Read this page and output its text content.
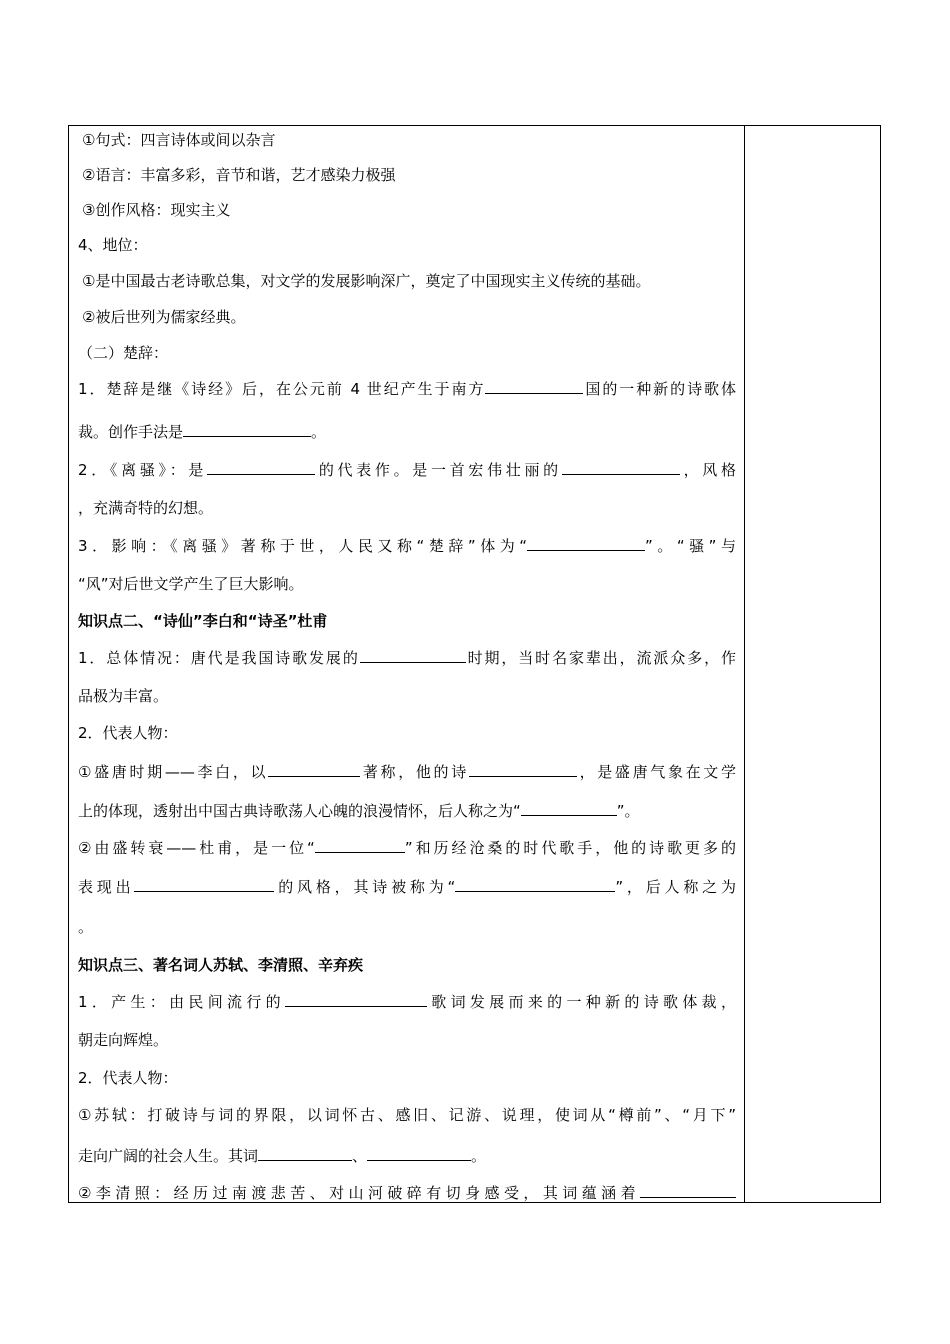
①句式：四言诗体或间以杂言
②语言：丰富多彩，音节和谐，艺才感染力极强
③创作风格：现实主义
4、地位：
①是中国最古老诗歌总集，对文学的发展影响深广，奠定了中国现实主义传统的基础。
②被后世列为儒家经典。
（二）楚辞：
1．楚辞是继《诗经》后，在公元前 4 世纪产生于南方	国的一种新的诗歌体
裁。创作手法是	。
2．《离骚》：是	的代表作。是一首宏伟壮丽的	，风格
，充满奇特的幻想。
3．影响：《离骚》著称于世，人民又称“楚辞”体为“	”。“骚”与
“风”对后世文学产生了巨大影响。
知识点二、“诗仙”李白和“诗圣”杜甫
1．总体情况：唐代是我国诗歌发展的	时期，当时名家辈出，流派众多，作
品极为丰富。
2．代表人物：
①盛唐时期——李白，以	著称，他的诗	，是盛唐气象在文学
上的体现，透射出中国古典诗歌荡人心魄的浪漫情怀，后人称之为“	”。
②由盛转衰——杜甫，是一位“	”和历经沧桑的时代歌手，他的诗歌更多的
表现出	的风格，其诗被称为“	”，后人称之为
。
知识点三、著名词人苏轼、李清照、辛弃疾
1．产生：由民间流行的	歌词发展而来的一种新的诗歌体裁，
朝走向辉煌。
2．代表人物：
①苏轼：打破诗与词的界限，以词怀古、感旧、记游、说理，使词从“樽前”、“月下”
走向广阔的社会人生。其词	、	。
②李清照：经历过南渡悲苦、对山河破碎有切身感受，其词蕴涵着
